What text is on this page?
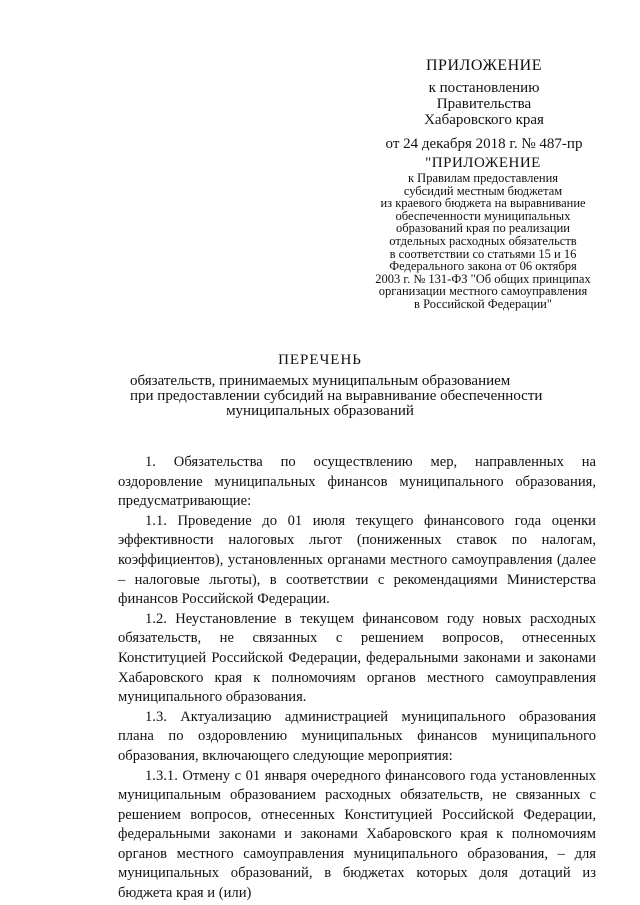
ПРИЛОЖЕНИЕ
к постановлению
Правительства
Хабаровского края
от 24 декабря 2018 г. № 487-пр
"ПРИЛОЖЕНИЕ
к Правилам предоставления
субсидий местным бюджетам
из краевого бюджета на выравнивание
обеспеченности муниципальных
образований края по реализации
отдельных расходных обязательств
в соответствии со статьями 15 и 16
Федерального закона от 06 октября
2003 г. № 131-ФЗ "Об общих принципах
организации местного самоуправления
в Российской Федерации"
ПЕРЕЧЕНЬ
обязательств, принимаемых муниципальным образованием
при предоставлении субсидий на выравнивание обеспеченности
муниципальных образований

1. Обязательства по осуществлению мер, направленных на оздоровление муниципальных финансов муниципального образования, предусматривающие:

1.1. Проведение до 01 июля текущего финансового года оценки эффективности налоговых льгот (пониженных ставок по налогам, коэффициентов), установленных органами местного самоуправления (далее – налоговые льготы), в соответствии с рекомендациями Министерства финансов Российской Федерации.

1.2. Неустановление в текущем финансовом году новых расходных обязательств, не связанных с решением вопросов, отнесенных Конституцией Российской Федерации, федеральными законами и законами Хабаровского края к полномочиям органов местного самоуправления муниципального образования.

1.3. Актуализацию администрацией муниципального образования плана по оздоровлению муниципальных финансов муниципального образования, включающего следующие мероприятия:

1.3.1. Отмену с 01 января очередного финансового года установленных муниципальным образованием расходных обязательств, не связанных с решением вопросов, отнесенных Конституцией Российской Федерации, федеральными законами и законами Хабаровского края к полномочиям органов местного самоуправления муниципального образования, – для муниципальных образований, в бюджетах которых доля дотаций из бюджета края и (или)
